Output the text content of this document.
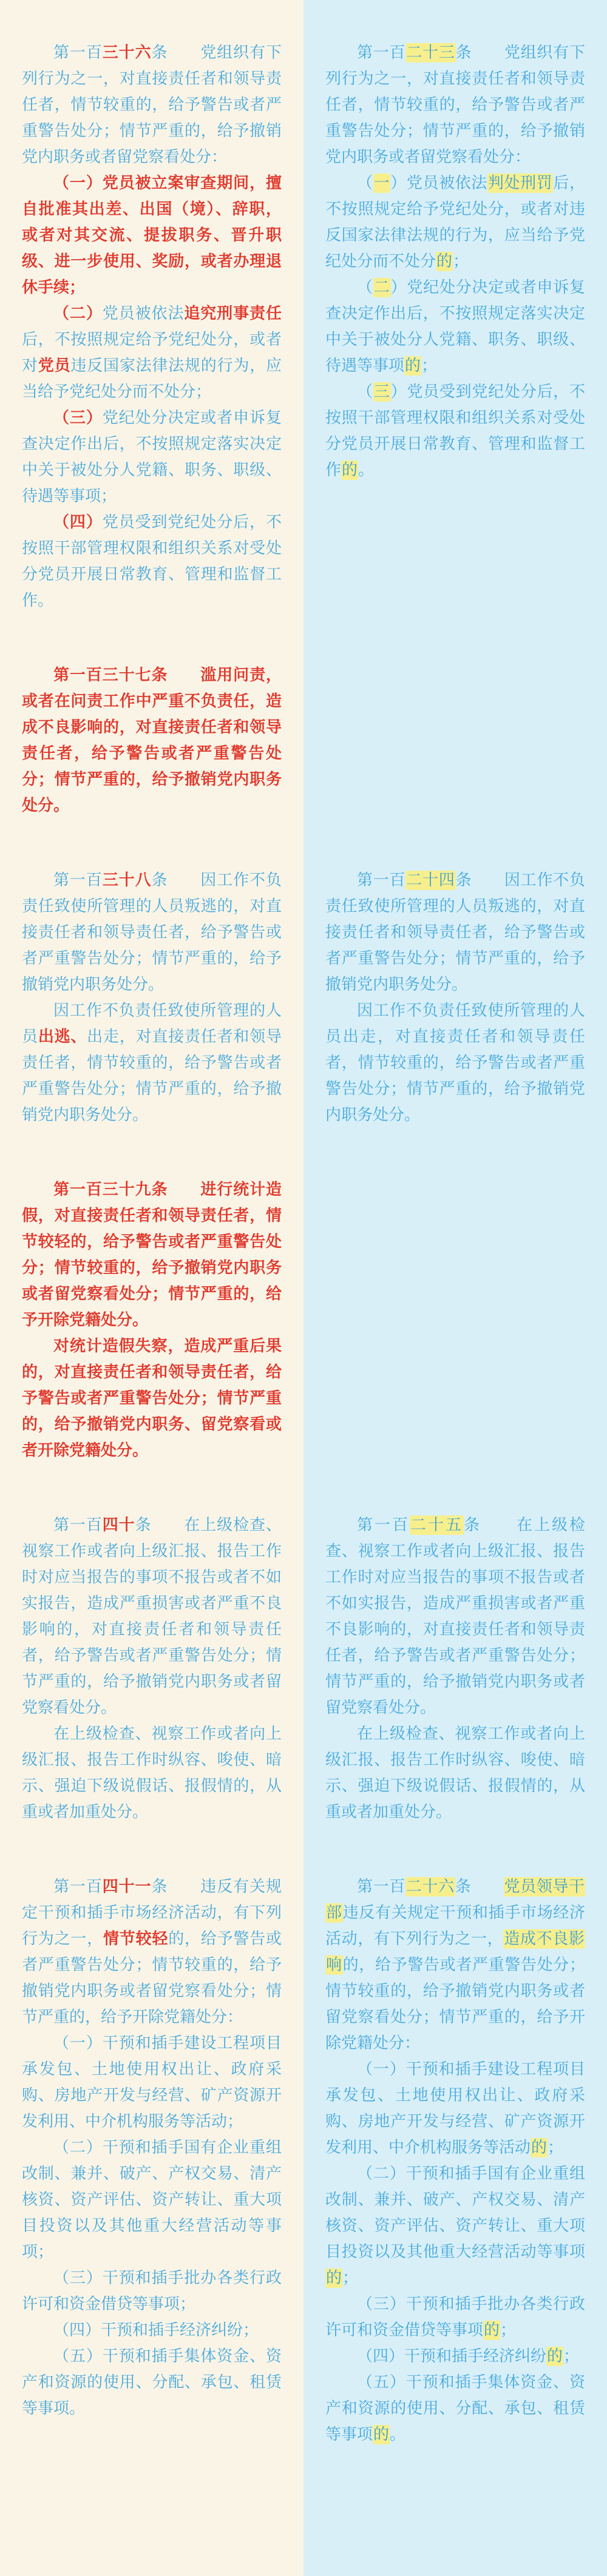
第一百三十六条　　党组织有下列行为之一，对直接责任者和领导责任者，情节较重的，给予警告或者严重警告处分；情节严重的，给予撤销党内职务或者留党察看处分：

（一）党员被立案审查期间，擅自批准其出差、出国（境）、辞职，或者对其交流、提拔职务、晋升职级、进一步使用、奖励，或者办理退休手续；

（二）党员被依法追究刑事责任后，不按照规定给予党纪处分，或者对党员违反国家法律法规的行为，应当给予党纪处分而不处分；

（三）党纪处分决定或者申诉复查决定作出后，不按照规定落实决定中关于被处分人党籍、职务、职级、待遇等事项；

（四）党员受到党纪处分后，不按照干部管理权限和组织关系对受处分党员开展日常教育、管理和监督工作。

第一百二十三条　　党组织有下列行为之一，对直接责任者和领导责任者，情节较重的，给予警告或者严重警告处分；情节严重的，给予撤销党内职务或者留党察看处分：

（一）党员被依法判处刑罚后，不按照规定给予党纪处分，或者对违反国家法律法规的行为，应当给予党纪处分而不处分的；

（二）党纪处分决定或者申诉复查决定作出后，不按照规定落实决定中关于被处分人党籍、职务、职级、待遇等事项的；

（三）党员受到党纪处分后，不按照干部管理权限和组织关系对受处分党员开展日常教育、管理和监督工作的。

第一百三十七条　　滥用问责，或者在问责工作中严重不负责任，造成不良影响的，对直接责任者和领导责任者，给予警告或者严重警告处分；情节严重的，给予撤销党内职务处分。

第一百三十八条　　因工作不负责任致使所管理的人员叛逃的，对直接责任者和领导责任者，给予警告或者严重警告处分；情节严重的，给予撤销党内职务处分。

因工作不负责任致使所管理的人员出逃、出走，对直接责任者和领导责任者，情节较重的，给予警告或者严重警告处分；情节严重的，给予撤销党内职务处分。

第一百二十四条　　因工作不负责任致使所管理的人员叛逃的，对直接责任者和领导责任者，给予警告或者严重警告处分；情节严重的，给予撤销党内职务处分。

因工作不负责任致使所管理的人员出走，对直接责任者和领导责任者，情节较重的，给予警告或者严重警告处分；情节严重的，给予撤销党内职务处分。

第一百三十九条　　进行统计造假，对直接责任者和领导责任者，情节较轻的，给予警告或者严重警告处分；情节较重的，给予撤销党内职务或者留党察看处分；情节严重的，给予开除党籍处分。

对统计造假失察，造成严重后果的，对直接责任者和领导责任者，给予警告或者严重警告处分；情节严重的，给予撤销党内职务、留党察看或者开除党籍处分。

第一百四十条　　在上级检查、视察工作或者向上级汇报、报告工作时对应当报告的事项不报告或者不如实报告，造成严重损害或者严重不良影响的，对直接责任者和领导责任者，给予警告或者严重警告处分；情节严重的，给予撤销党内职务或者留党察看处分。

在上级检查、视察工作或者向上级汇报、报告工作时纵容、唆使、暗示、强迫下级说假话、报假情的，从重或者加重处分。

第一百二十五条　　在上级检查、视察工作或者向上级汇报、报告工作时对应当报告的事项不报告或者不如实报告，造成严重损害或者严重不良影响的，对直接责任者和领导责任者，给予警告或者严重警告处分；情节严重的，给予撤销党内职务或者留党察看处分。

在上级检查、视察工作或者向上级汇报、报告工作时纵容、唆使、暗示、强迫下级说假话、报假情的，从重或者加重处分。

第一百四十一条　　违反有关规定干预和插手市场经济活动，有下列行为之一，情节较轻的，给予警告或者严重警告处分；情节较重的，给予撤销党内职务或者留党察看处分；情节严重的，给予开除党籍处分：

（一）干预和插手建设工程项目承发包、土地使用权出让、政府采购、房地产开发与经营、矿产资源开发利用、中介机构服务等活动；

（二）干预和插手国有企业重组改制、兼并、破产、产权交易、清产核资、资产评估、资产转让、重大项目投资以及其他重大经营活动等事项；

（三）干预和插手批办各类行政许可和资金借贷等事项；

（四）干预和插手经济纠纷；

（五）干预和插手集体资金、资产和资源的使用、分配、承包、租赁等事项。

第一百二十六条　　 党员领导干部违反有关规定干预和插手市场经济活动，有下列行为之一，造成不良影响的，给予警告或者严重警告处分；情节较重的，给予撤销党内职务或者留党察看处分；情节严重的，给予开除党籍处分：

（一）干预和插手建设工程项目承发包、土地使用权出让、政府采购、房地产开发与经营、矿产资源开发利用、中介机构服务等活动的；

（二）干预和插手国有企业重组改制、兼并、破产、产权交易、清产核资、资产评估、资产转让、重大项目投资以及其他重大经营活动等事项的；

（三）干预和插手批办各类行政许可和资金借贷等事项的；

（四）干预和插手经济纠纷的；

（五）干预和插手集体资金、资产和资源的使用、分配、承包、租赁等事项的。
